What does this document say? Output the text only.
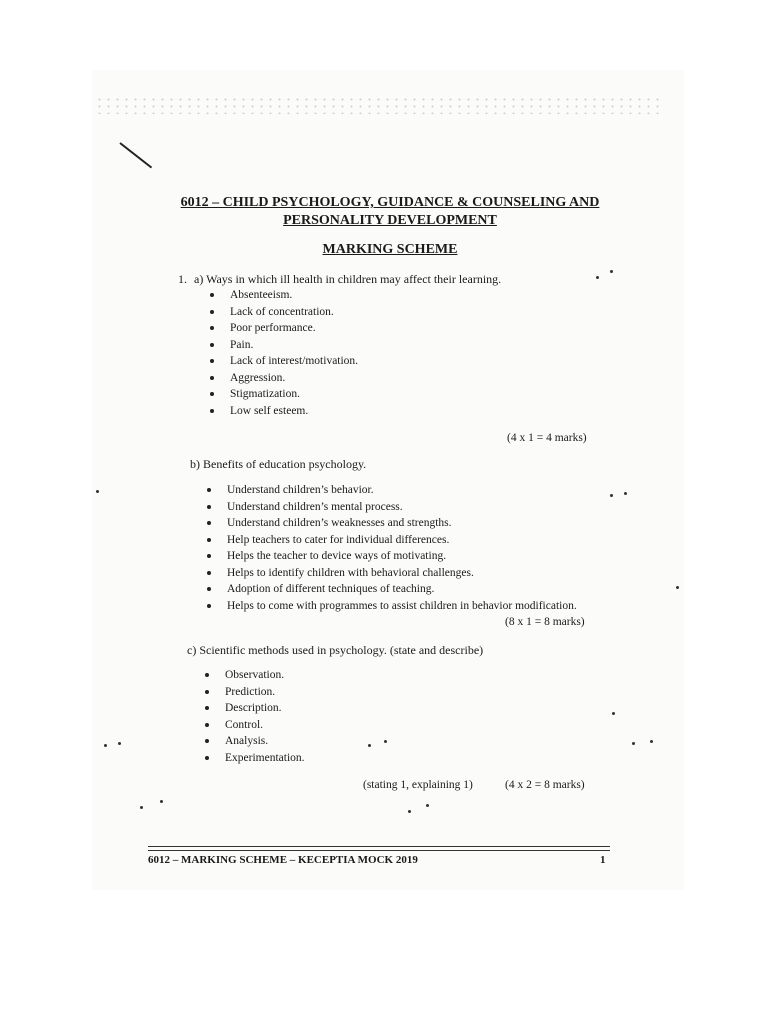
6012 – CHILD PSYCHOLOGY, GUIDANCE & COUNSELING AND
PERSONALITY DEVELOPMENT
MARKING SCHEME
1. a) Ways in which ill health in children may affect their learning.
Absenteeism.
Lack of concentration.
Poor performance.
Pain.
Lack of interest/motivation.
Aggression.
Stigmatization.
Low self esteem.
(4 x 1 = 4 marks)
b) Benefits of education psychology.
Understand children’s behavior.
Understand children’s mental process.
Understand children’s weaknesses and strengths.
Help teachers to cater for individual differences.
Helps the teacher to device ways of motivating.
Helps to identify children with behavioral challenges.
Adoption of different techniques of teaching.
Helps to come with programmes to assist children in behavior modification.
(8 x 1 = 8 marks)
c) Scientific methods used in psychology. (state and describe)
Observation.
Prediction.
Description.
Control.
Analysis.
Experimentation.
(stating 1, explaining 1)	(4 x 2 = 8 marks)
6012 – MARKING SCHEME – KECEPTIA MOCK 2019	1
